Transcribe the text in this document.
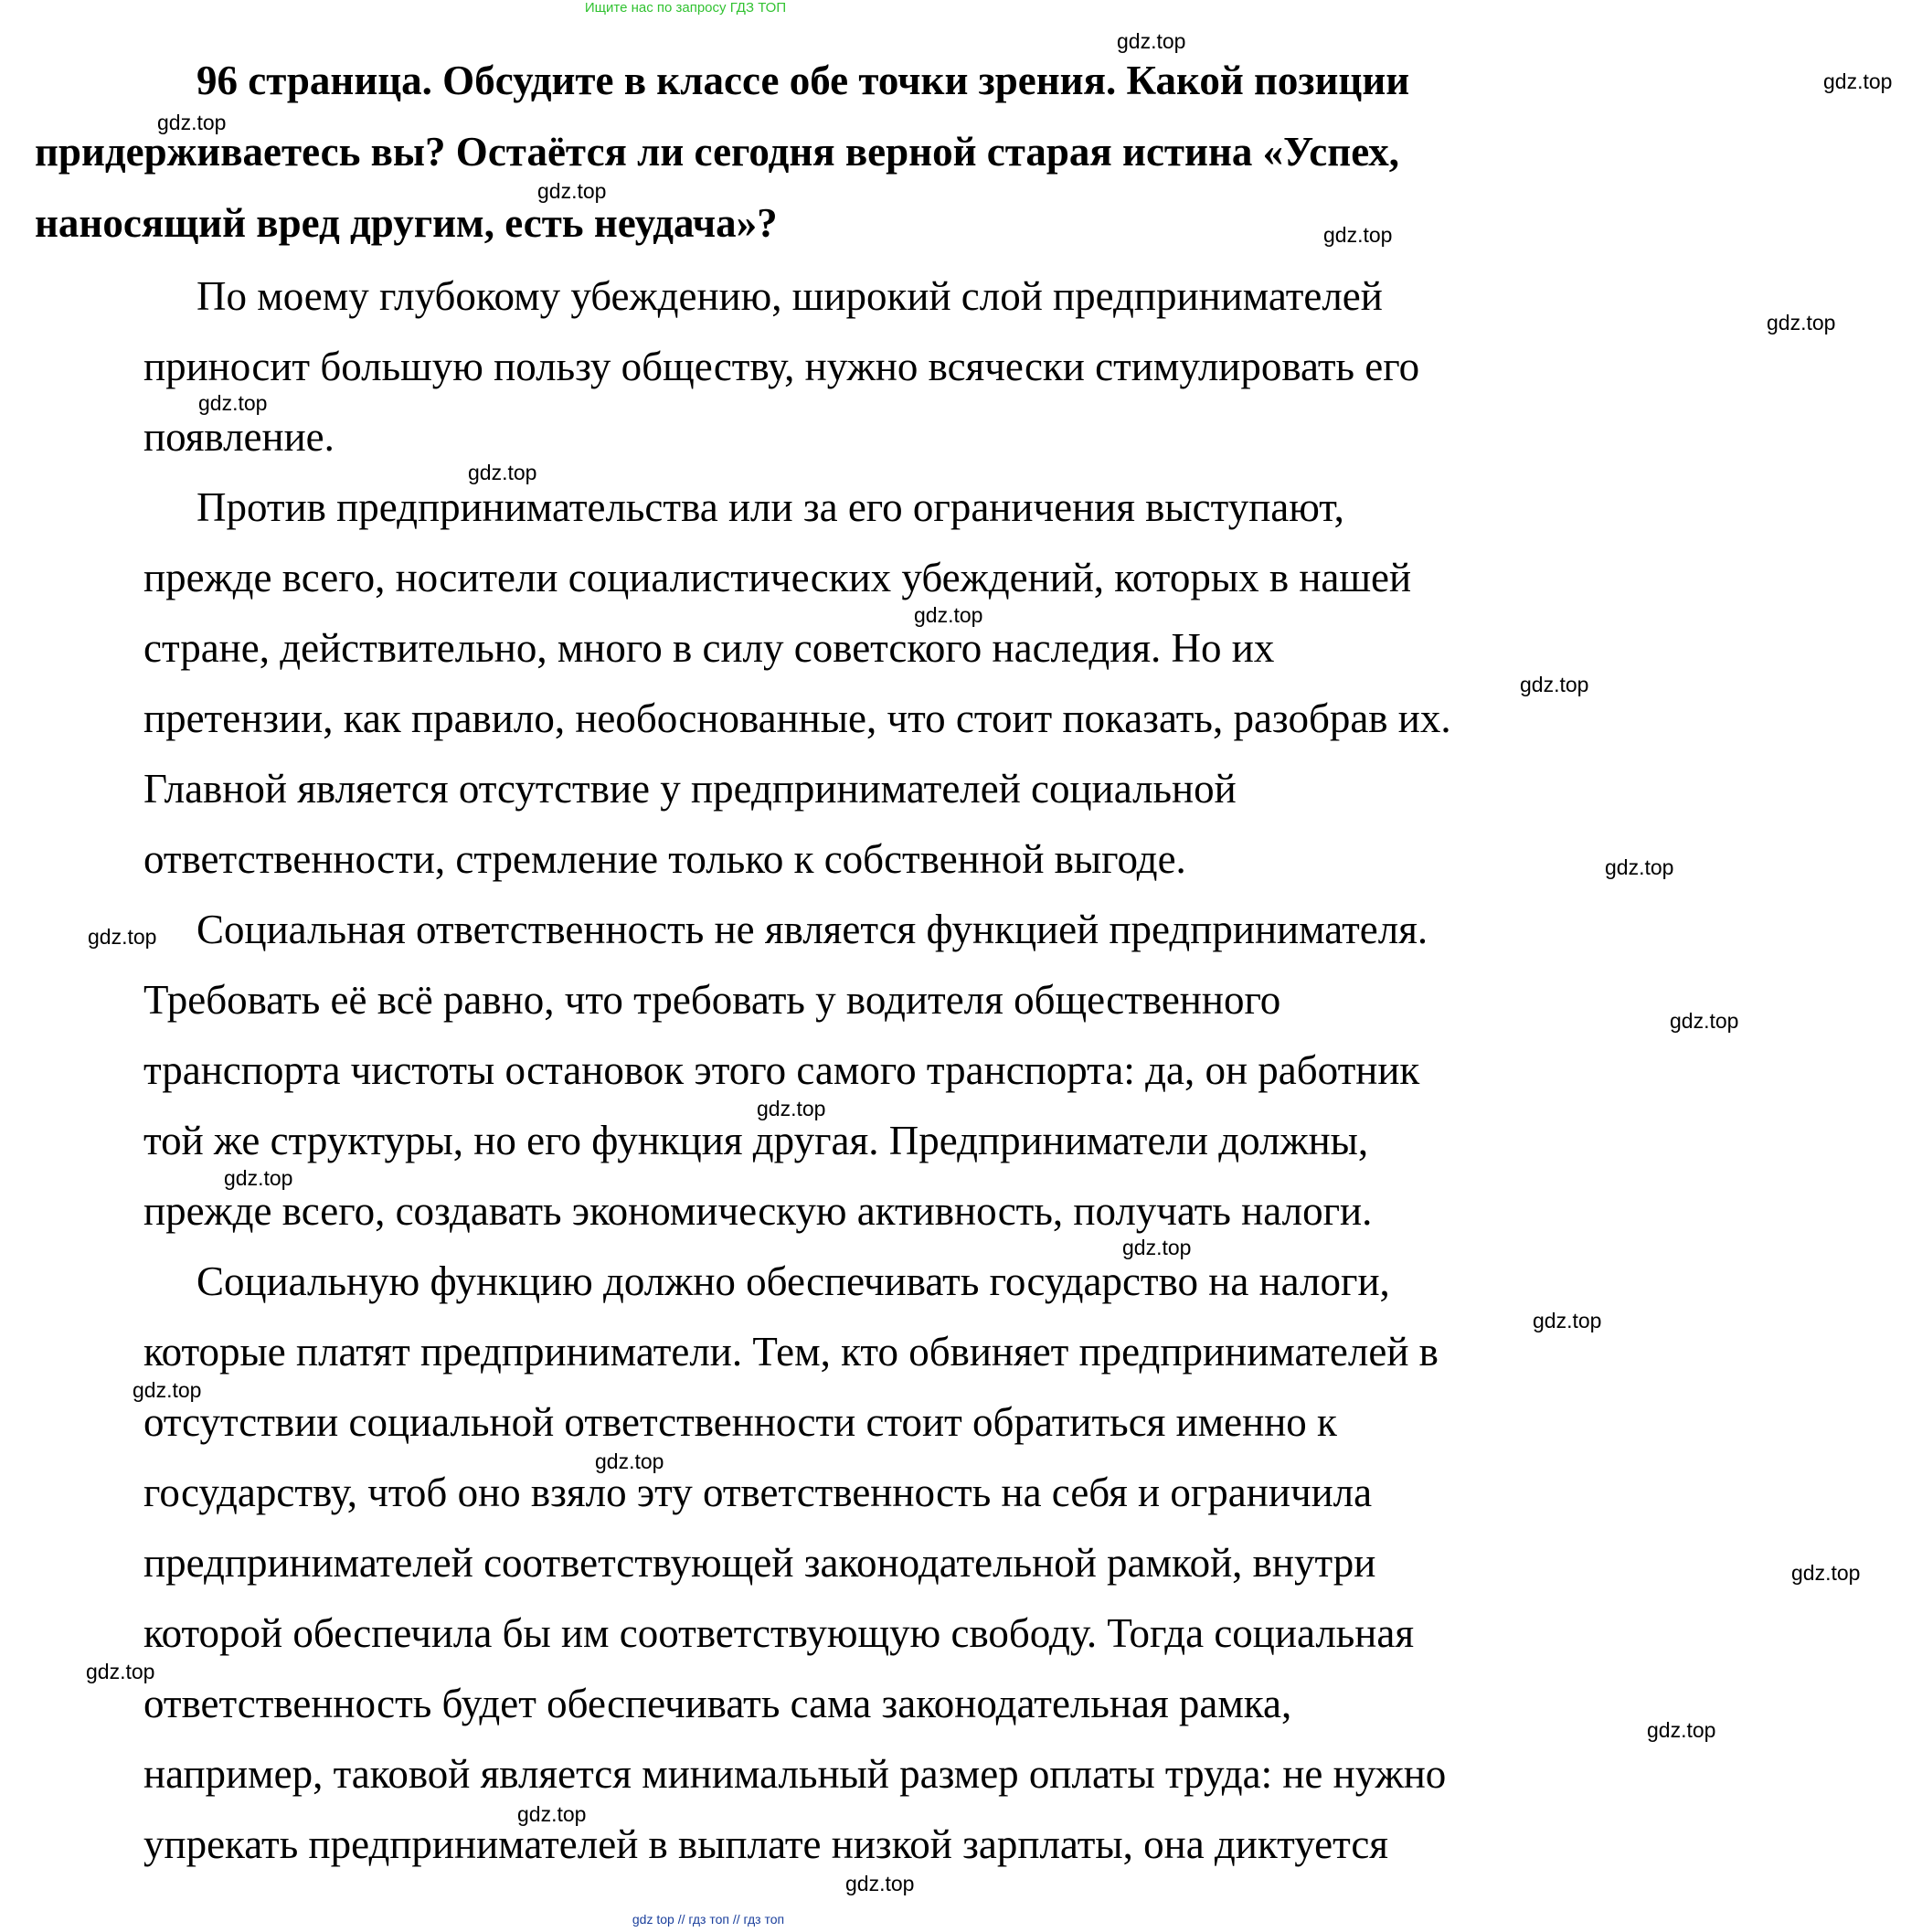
Ищите нас по запросу ГДЗ ТОП
96 страница. Обсудите в классе обе точки зрения. Какой позиции
придерживаетесь вы? Остаётся ли сегодня верной старая истина «Успех,
наносящий вред другим, есть неудача»?
По моему глубокому убеждению, широкий слой предпринимателей
приносит большую пользу обществу, нужно всячески стимулировать его
появление.
Против предпринимательства или за его ограничения выступают,
прежде всего, носители социалистических убеждений, которых в нашей
стране, действительно, много в силу советского наследия. Но их
претензии, как правило, необоснованные, что стоит показать, разобрав их.
Главной является отсутствие у предпринимателей социальной
ответственности, стремление только к собственной выгоде.
Социальная ответственность не является функцией предпринимателя.
Требовать её всё равно, что требовать у водителя общественного
транспорта чистоты остановок этого самого транспорта: да, он работник
той же структуры, но его функция другая. Предприниматели должны,
прежде всего, создавать экономическую активность, получать налоги.
Социальную функцию должно обеспечивать государство на налоги,
которые платят предприниматели. Тем, кто обвиняет предпринимателей в
отсутствии социальной ответственности стоит обратиться именно к
государству, чтоб оно взяло эту ответственность на себя и ограничила
предпринимателей соответствующей законодательной рамкой, внутри
которой обеспечила бы им соответствующую свободу. Тогда социальная
ответственность будет обеспечивать сама законодательная рамка,
например, таковой является минимальный размер оплаты труда: не нужно
упрекать предпринимателей в выплате низкой зарплаты, она диктуется
gdz.top
gdz.top
gdz.top
gdz.top
gdz.top
gdz.top
gdz.top
gdz.top
gdz.top
gdz.top
gdz.top
gdz.top
gdz.top
gdz.top
gdz.top
gdz.top
gdz.top
gdz.top
gdz.top
gdz.top
gdz.top
gdz.top
gdz.top
gdz.top
gdz top // гдз топ // гдз топ
